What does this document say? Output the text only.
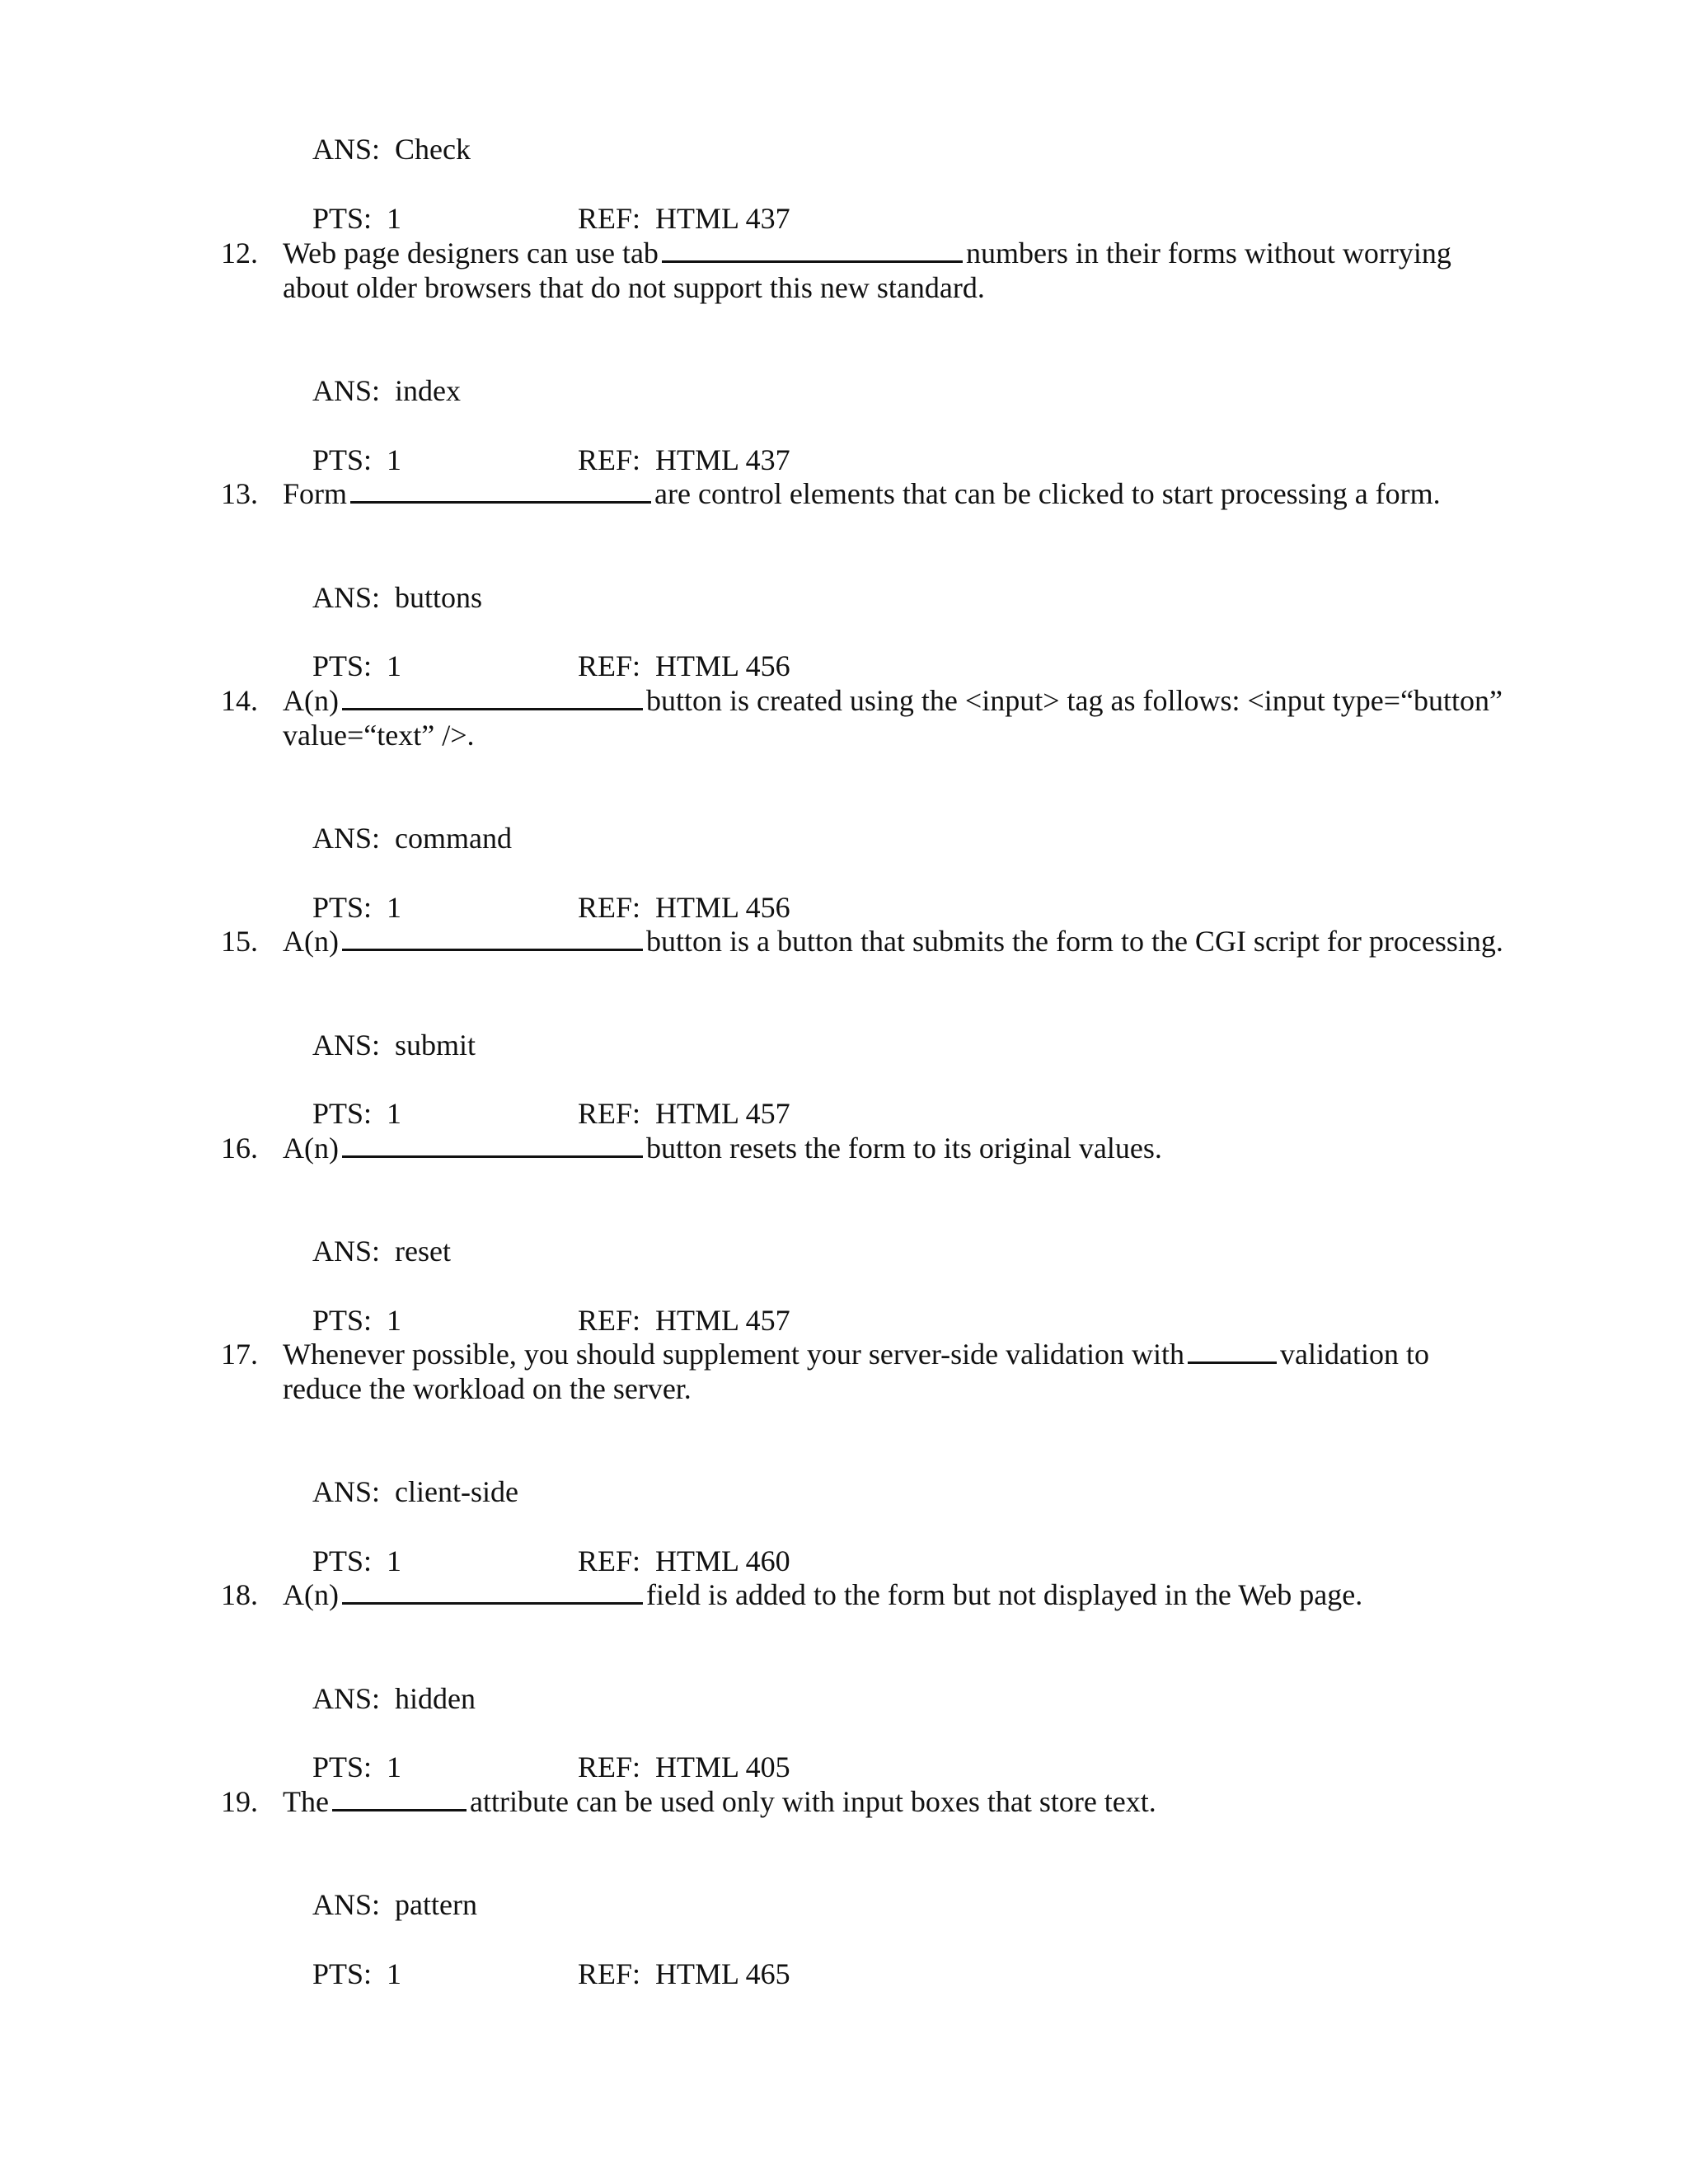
ANS:  Check

PTS:  1
	REF:  HTML 437

12. Web page designers can use tab	numbers in their forms without worrying
about older browsers that do not support this new standard.

ANS:  index

PTS:  1
	REF:  HTML 437

13. Form	are control elements that can be clicked to start processing a form.

ANS:  buttons

PTS:  1
	REF:  HTML 456

14. A(n)	button is created using the <input> tag as follows: <input type=“button”
value=“text” />.

ANS:  command

PTS:  1
	REF:  HTML 456

15. A(n)	button is a button that submits the form to the CGI script for processing.

ANS:  submit

PTS:  1
	REF:  HTML 457

16. A(n)	button resets the form to its original values.

ANS:  reset

PTS:  1
	REF:  HTML 457

17. Whenever possible, you should supplement your server-side validation with	validation to
reduce the workload on the server.

ANS:  client-side

PTS:  1
	REF:  HTML 460

18. A(n)	field is added to the form but not displayed in the Web page.

ANS:  hidden

PTS:  1
	REF:  HTML 405

19. The	attribute can be used only with input boxes that store text.

ANS:  pattern

PTS:  1
	REF:  HTML 465
